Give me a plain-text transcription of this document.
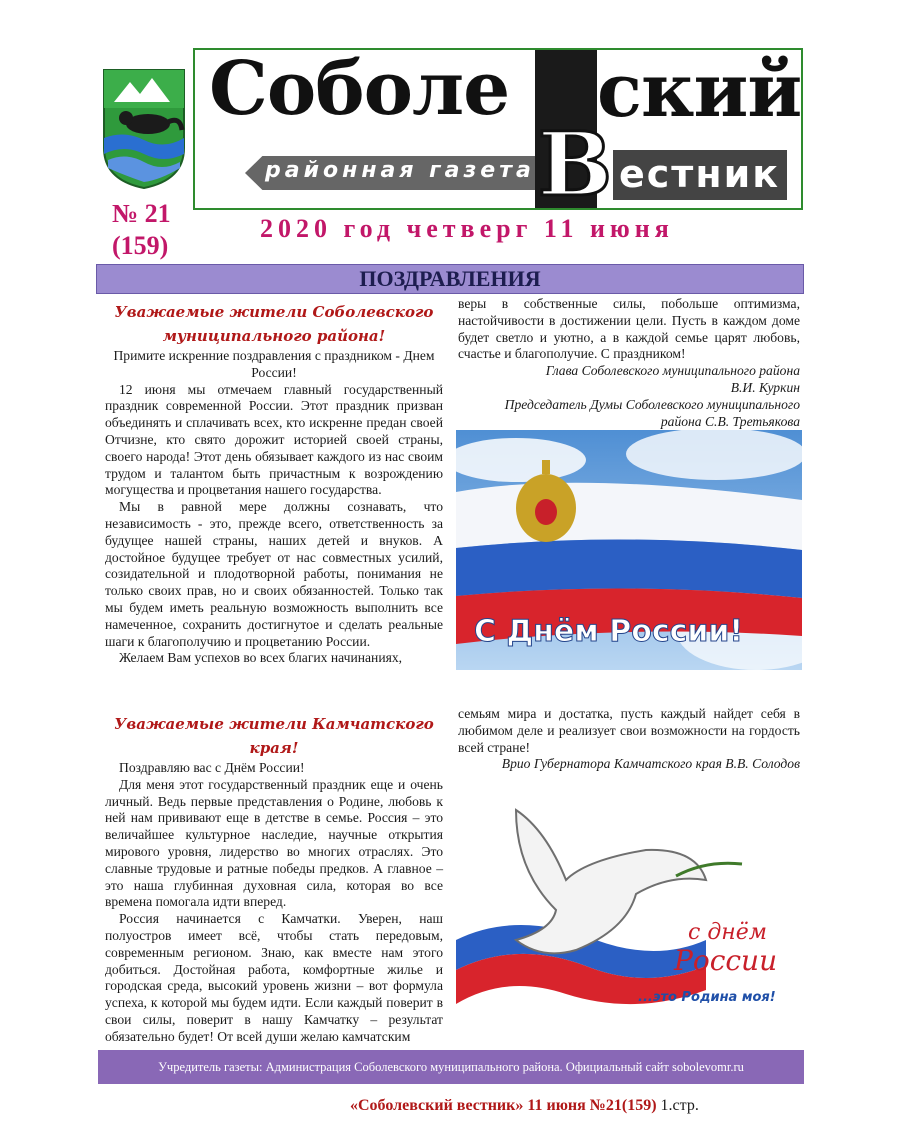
Соболе ский
В
районная газета естник
№ 21
(159)
2020 год четверг 11 июня
ПОЗДРАВЛЕНИЯ

Уважаемые жители Соболевского

муниципального района!

Примите искренние поздравления с праздником - Днем России!

12 июня мы отмечаем главный государственный праздник современной России. Этот праздник призван объединять и сплачивать всех, кто искренне предан своей Отчизне, кто свято дорожит историей своей страны, своего народа! Этот день обязывает каждого из нас своим трудом и талантом быть причастным к возрождению могущества и процветания нашего государства.

Мы в равной мере должны сознавать, что независимость - это, прежде всего, ответственность за будущее нашей страны, наших детей и внуков. А достойное будущее требует от нас совместных усилий, созидательной и плодотворной работы, понимания не только своих прав, но и своих обязанностей. Только так мы будем иметь реальную возможность выполнить все намеченное, сохранить достигнутое и сделать реальные шаги к благополучию и процветанию России.

Желаем Вам успехов во всех благих начинаниях,

веры в собственные силы, побольше оптимизма, настойчивости в достижении цели. Пусть в каждом доме будет светло и уютно, а в каждой семье царят любовь, счастье и благополучие. С праздником!

Глава Соболевского муниципального района В.И. Куркин

Председатель Думы Соболевского муниципального района С.В. Третьякова

С Днём России!

Уважаемые жители Камчатского края!

Поздравляю вас с Днём России!

Для меня этот государственный праздник еще и очень личный. Ведь первые представления о Родине, любовь к ней нам прививают еще в детстве в семье. Россия – это величайшее культурное наследие, научные открытия мирового уровня, лидерство во многих отраслях. Это славные трудовые и ратные победы предков. А главное – это наша глубинная духовная сила, которая во все времена помогала идти вперед.

Россия начинается с Камчатки. Уверен, наш полуостров имеет всё, чтобы стать передовым, современным регионом. Знаю, как вместе нам этого добиться. Достойная работа, комфортные жилье и городская среда, высокий уровень жизни – вот формула успеха, к которой мы будем идти. Если каждый поверит в свои силы, поверит в нашу Камчатку – результат обязательно будет! От всей души желаю камчатским

семьям мира и достатка, пусть каждый найдет себя в любимом деле и реализует свои возможности на гордость всей стране!

Врио Губернатора Камчатского края В.В. Солодов

с днём
России
...это Родина моя!
Учредитель газеты: Администрация Соболевского муниципального района. Официальный сайт sobolevomr.ru
«Соболевский вестник» 11 июня №21(159) 1.стр.
